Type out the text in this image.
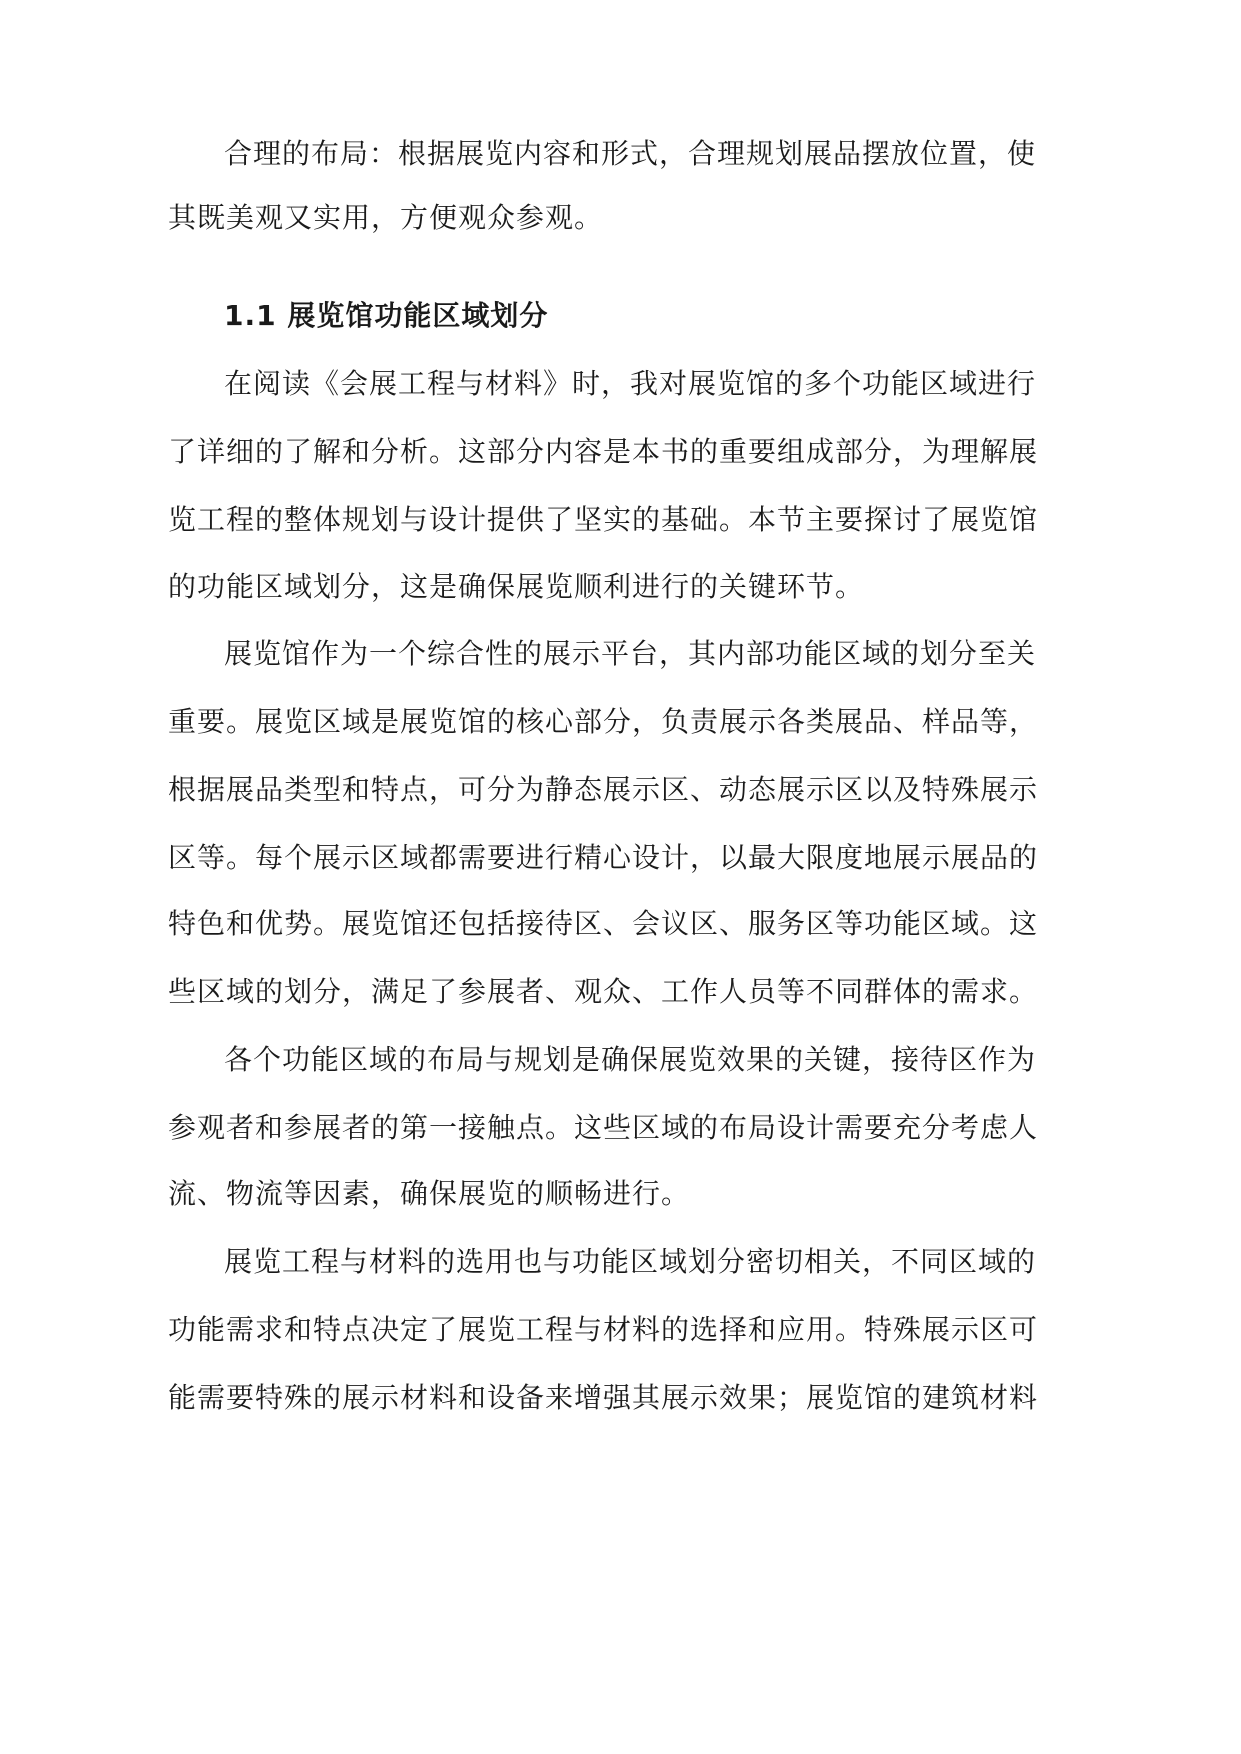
合理的布局：根据展览内容和形式，合理规划展品摆放位置，使
其既美观又实用，方便观众参观。
1.1 展览馆功能区域划分
在阅读《会展工程与材料》时，我对展览馆的多个功能区域进行
了详细的了解和分析。这部分内容是本书的重要组成部分，为理解展
览工程的整体规划与设计提供了坚实的基础。本节主要探讨了展览馆
的功能区域划分，这是确保展览顺利进行的关键环节。
展览馆作为一个综合性的展示平台，其内部功能区域的划分至关
重要。展览区域是展览馆的核心部分，负责展示各类展品、样品等，
根据展品类型和特点，可分为静态展示区、动态展示区以及特殊展示
区等。每个展示区域都需要进行精心设计，以最大限度地展示展品的
特色和优势。展览馆还包括接待区、会议区、服务区等功能区域。这
些区域的划分，满足了参展者、观众、工作人员等不同群体的需求。
各个功能区域的布局与规划是确保展览效果的关键，接待区作为
参观者和参展者的第一接触点。这些区域的布局设计需要充分考虑人
流、物流等因素，确保展览的顺畅进行。
展览工程与材料的选用也与功能区域划分密切相关，不同区域的
功能需求和特点决定了展览工程与材料的选择和应用。特殊展示区可
能需要特殊的展示材料和设备来增强其展示效果；展览馆的建筑材料
